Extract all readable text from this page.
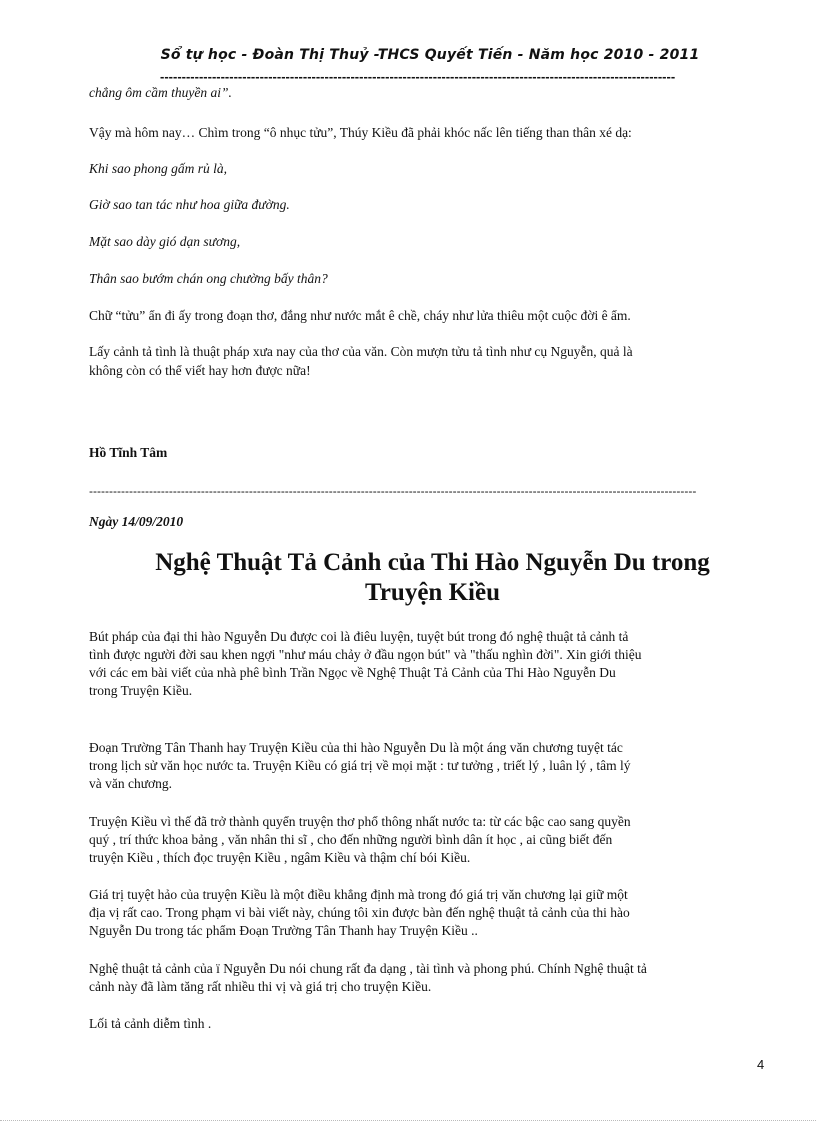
Sổ tự học - Đoàn Thị Thuỷ -THCS Quyết Tiến - Năm học 2010 - 2011
-----------------------------------------------------------------------------------------------------------------------
chẳng ôm cầm thuyền ai”.
Vậy mà hôm nay… Chìm trong “ô nhục tửu”, Thúy Kiều đã phải khóc nấc lên tiếng than thân xé dạ:
Khi sao phong gấm rủ là,
Giờ sao tan tác như hoa giữa đường.
Mặt sao dày gió dạn sương,
Thân sao bướm chán ong chường bấy thân?
Chữ “tửu” ẩn đi ấy trong đoạn thơ, đắng như nước mắt ê chề, cháy như lửa thiêu một cuộc đời ê ẩm.
Lấy cảnh tả tình là thuật pháp xưa nay của thơ của văn. Còn mượn tửu tả tình như cụ Nguyễn, quả là
không còn có thể viết hay hơn được nữa!
Hồ Tĩnh Tâm
--------------------------------------------------------------------------------------------------------------------------------------------------------
Ngày 14/09/2010
Nghệ Thuật Tả Cảnh của Thi Hào Nguyễn Du trong
Truyện Kiều
Bút pháp của đại thi hào Nguyễn Du được coi là điêu luyện, tuyệt bút trong đó nghệ thuật tả cảnh tả
tình được người đời sau khen ngợi "như máu chảy ở đầu ngọn bút" và "thấu nghìn đời". Xin giới thiệu
với các em bài viết của nhà phê bình Trần Ngọc về Nghệ Thuật Tả Cảnh của Thi Hào Nguyễn Du
trong Truyện Kiều.
Đoạn Trường Tân Thanh hay Truyện Kiều của thi hào Nguyễn Du là một áng văn chương tuyệt tác
trong lịch sử văn học nước ta. Truyện Kiều có giá trị về mọi mặt : tư tưởng , triết lý , luân lý , tâm lý
và văn chương.
Truyện Kiều vì thế đã trở thành quyển truyện thơ phổ thông nhất nước ta: từ các bậc cao sang quyền
quý , trí thức khoa bảng , văn nhân thi sĩ , cho đến những người bình dân ít học , ai cũng biết đến
truyện Kiều , thích đọc truyện Kiều , ngâm Kiều và thậm chí bói Kiều.
Giá trị tuyệt hảo của truyện Kiều là một điều khẳng định mà trong đó giá trị văn chương lại giữ một
địa vị rất cao. Trong phạm vi bài viết này, chúng tôi xin được bàn đến nghệ thuật tả cảnh của thi hào
Nguyễn Du trong tác phẩm Đoạn Trường Tân Thanh hay Truyện Kiều ..
Nghệ thuật tả cảnh của ï Nguyễn Du nói chung rất đa dạng , tài tình và phong phú. Chính Nghệ thuật tả
cảnh này đã làm tăng rất nhiều thi vị và giá trị cho truyện Kiều.
Lối tả cảnh diễm tình .
4
